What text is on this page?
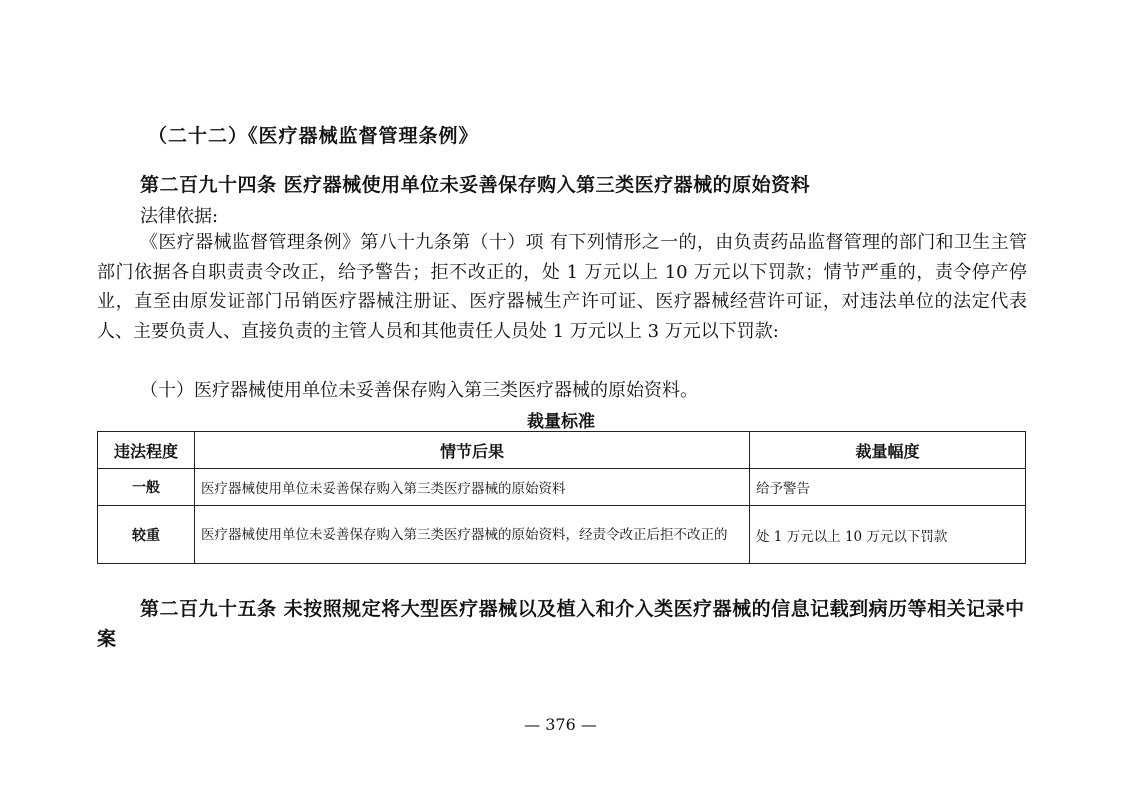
（二十二）《医疗器械监督管理条例》
第二百九十四条 医疗器械使用单位未妥善保存购入第三类医疗器械的原始资料
法律依据:
《医疗器械监督管理条例》第八十九条第（十）项 有下列情形之一的，由负责药品监督管理的部门和卫生主管部门依据各自职责责令改正，给予警告；拒不改正的，处 1 万元以上 10 万元以下罚款；情节严重的，责令停产停业，直至由原发证部门吊销医疗器械注册证、医疗器械生产许可证、医疗器械经营许可证，对违法单位的法定代表人、主要负责人、直接负责的主管人员和其他责任人员处 1 万元以上 3 万元以下罚款:
（十）医疗器械使用单位未妥善保存购入第三类医疗器械的原始资料。
裁量标准
违法程度	情节后果	裁量幅度
一般	医疗器械使用单位未妥善保存购入第三类医疗器械的原始资料	给予警告
较重	医疗器械使用单位未妥善保存购入第三类医疗器械的原始资料，经责令改正后拒不改正的	处 1 万元以上 10 万元以下罚款
第二百九十五条 未按照规定将大型医疗器械以及植入和介入类医疗器械的信息记载到病历等相关记录中案
— 376 —
